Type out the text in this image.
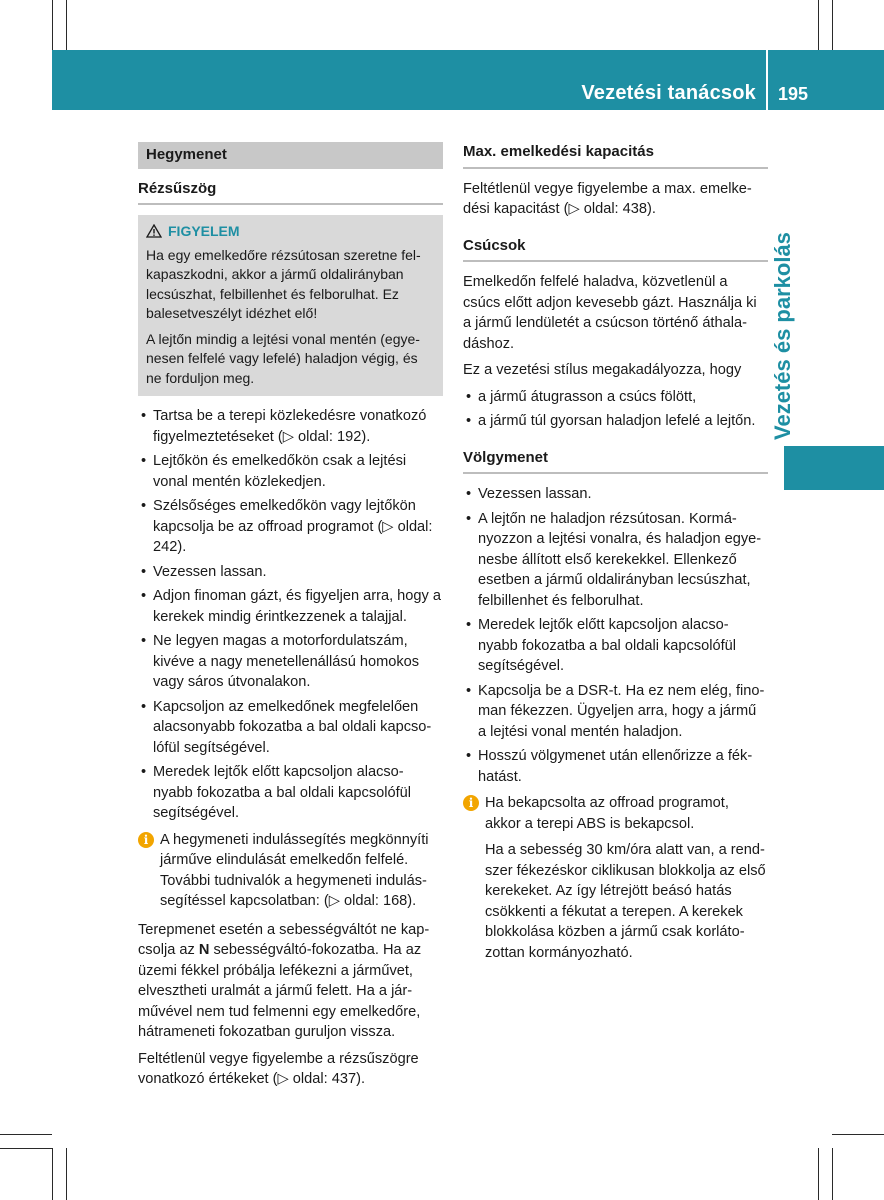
Vezetési tanácsok 195
Vezetés és parkolás
Hegymenet
Rézsűszög
FIGYELEM

Ha egy emelkedőre rézsútosan szeretne fel-kapaszkodni, akkor a jármű oldalirányban lecsúszhat, felbillenhet és felborulhat. Ez balesetveszélyt idézhet elő!

A lejtőn mindig a lejtési vonal mentén (egye-nesen felfelé vagy lefelé) haladjon végig, és ne forduljon meg.

• Tartsa be a terepi közlekedésre vonatkozó figyelmeztetéseket (▷ oldal: 192).
• Lejtőkön és emelkedőkön csak a lejtési vonal mentén közlekedjen.
• Szélsőséges emelkedőkön vagy lejtőkön kapcsolja be az offroad programot (▷ oldal: 242).
• Vezessen lassan.
• Adjon finoman gázt, és figyeljen arra, hogy a kerekek mindig érintkezzenek a talajjal.
• Ne legyen magas a motorfordulatszám, kivéve a nagy menetellenállású homokos vagy sáros útvonalakon.
• Kapcsoljon az emelkedőnek megfelelően alacsonyabb fokozatba a bal oldali kapcso-lófül segítségével.
• Meredek lejtők előtt kapcsoljon alacso-nyabb fokozatba a bal oldali kapcsolófül segítségével.
i A hegymeneti indulássegítés megkönnyíti járműve elindulását emelkedőn felfelé. További tudnivalók a hegymeneti indulás-segítéssel kapcsolatban: (▷ oldal: 168).

Terepmenet esetén a sebességváltót ne kap-csolja az N sebességváltó-fokozatba. Ha az üzemi fékkel próbálja lefékezni a járművet, elvesztheti uralmát a jármű felett. Ha a jár-művével nem tud felmenni egy emelkedőre, hátrameneti fokozatban guruljon vissza.

Feltétlenül vegye figyelembe a rézsűszögre vonatkozó értékeket (▷ oldal: 437).

Max. emelkedési kapacitás

Feltétlenül vegye figyelembe a max. emelke-dési kapacitást (▷ oldal: 438).

Csúcsok

Emelkedőn felfelé haladva, közvetlenül a csúcs előtt adjon kevesebb gázt. Használja ki a jármű lendületét a csúcson történő áthala-dáshoz.

Ez a vezetési stílus megakadályozza, hogy

• a jármű átugrasson a csúcs fölött,
• a jármű túl gyorsan haladjon lefelé a lejtőn.
Völgymenet
• Vezessen lassan.
• A lejtőn ne haladjon rézsútosan. Kormá-nyozzon a lejtési vonalra, és haladjon egye-nesbe állított első kerekekkel. Ellenkező esetben a jármű oldalirányban lecsúszhat, felbillenhet és felborulhat.
• Meredek lejtők előtt kapcsoljon alacso-nyabb fokozatba a bal oldali kapcsolófül segítségével.
• Kapcsolja be a DSR-t. Ha ez nem elég, fino-man fékezzen. Ügyeljen arra, hogy a jármű a lejtési vonal mentén haladjon.
• Hosszú völgymenet után ellenőrizze a fék-hatást.
i Ha bekapcsolta az offroad programot, akkor a terepi ABS is bekapcsol.

Ha a sebesség 30 km/óra alatt van, a rend-szer fékezéskor ciklikusan blokkolja az első kerekeket. Az így létrejött beásó hatás csökkenti a fékutat a terepen. A kerekek blokkolása közben a jármű csak korláto-zottan kormányozható.
